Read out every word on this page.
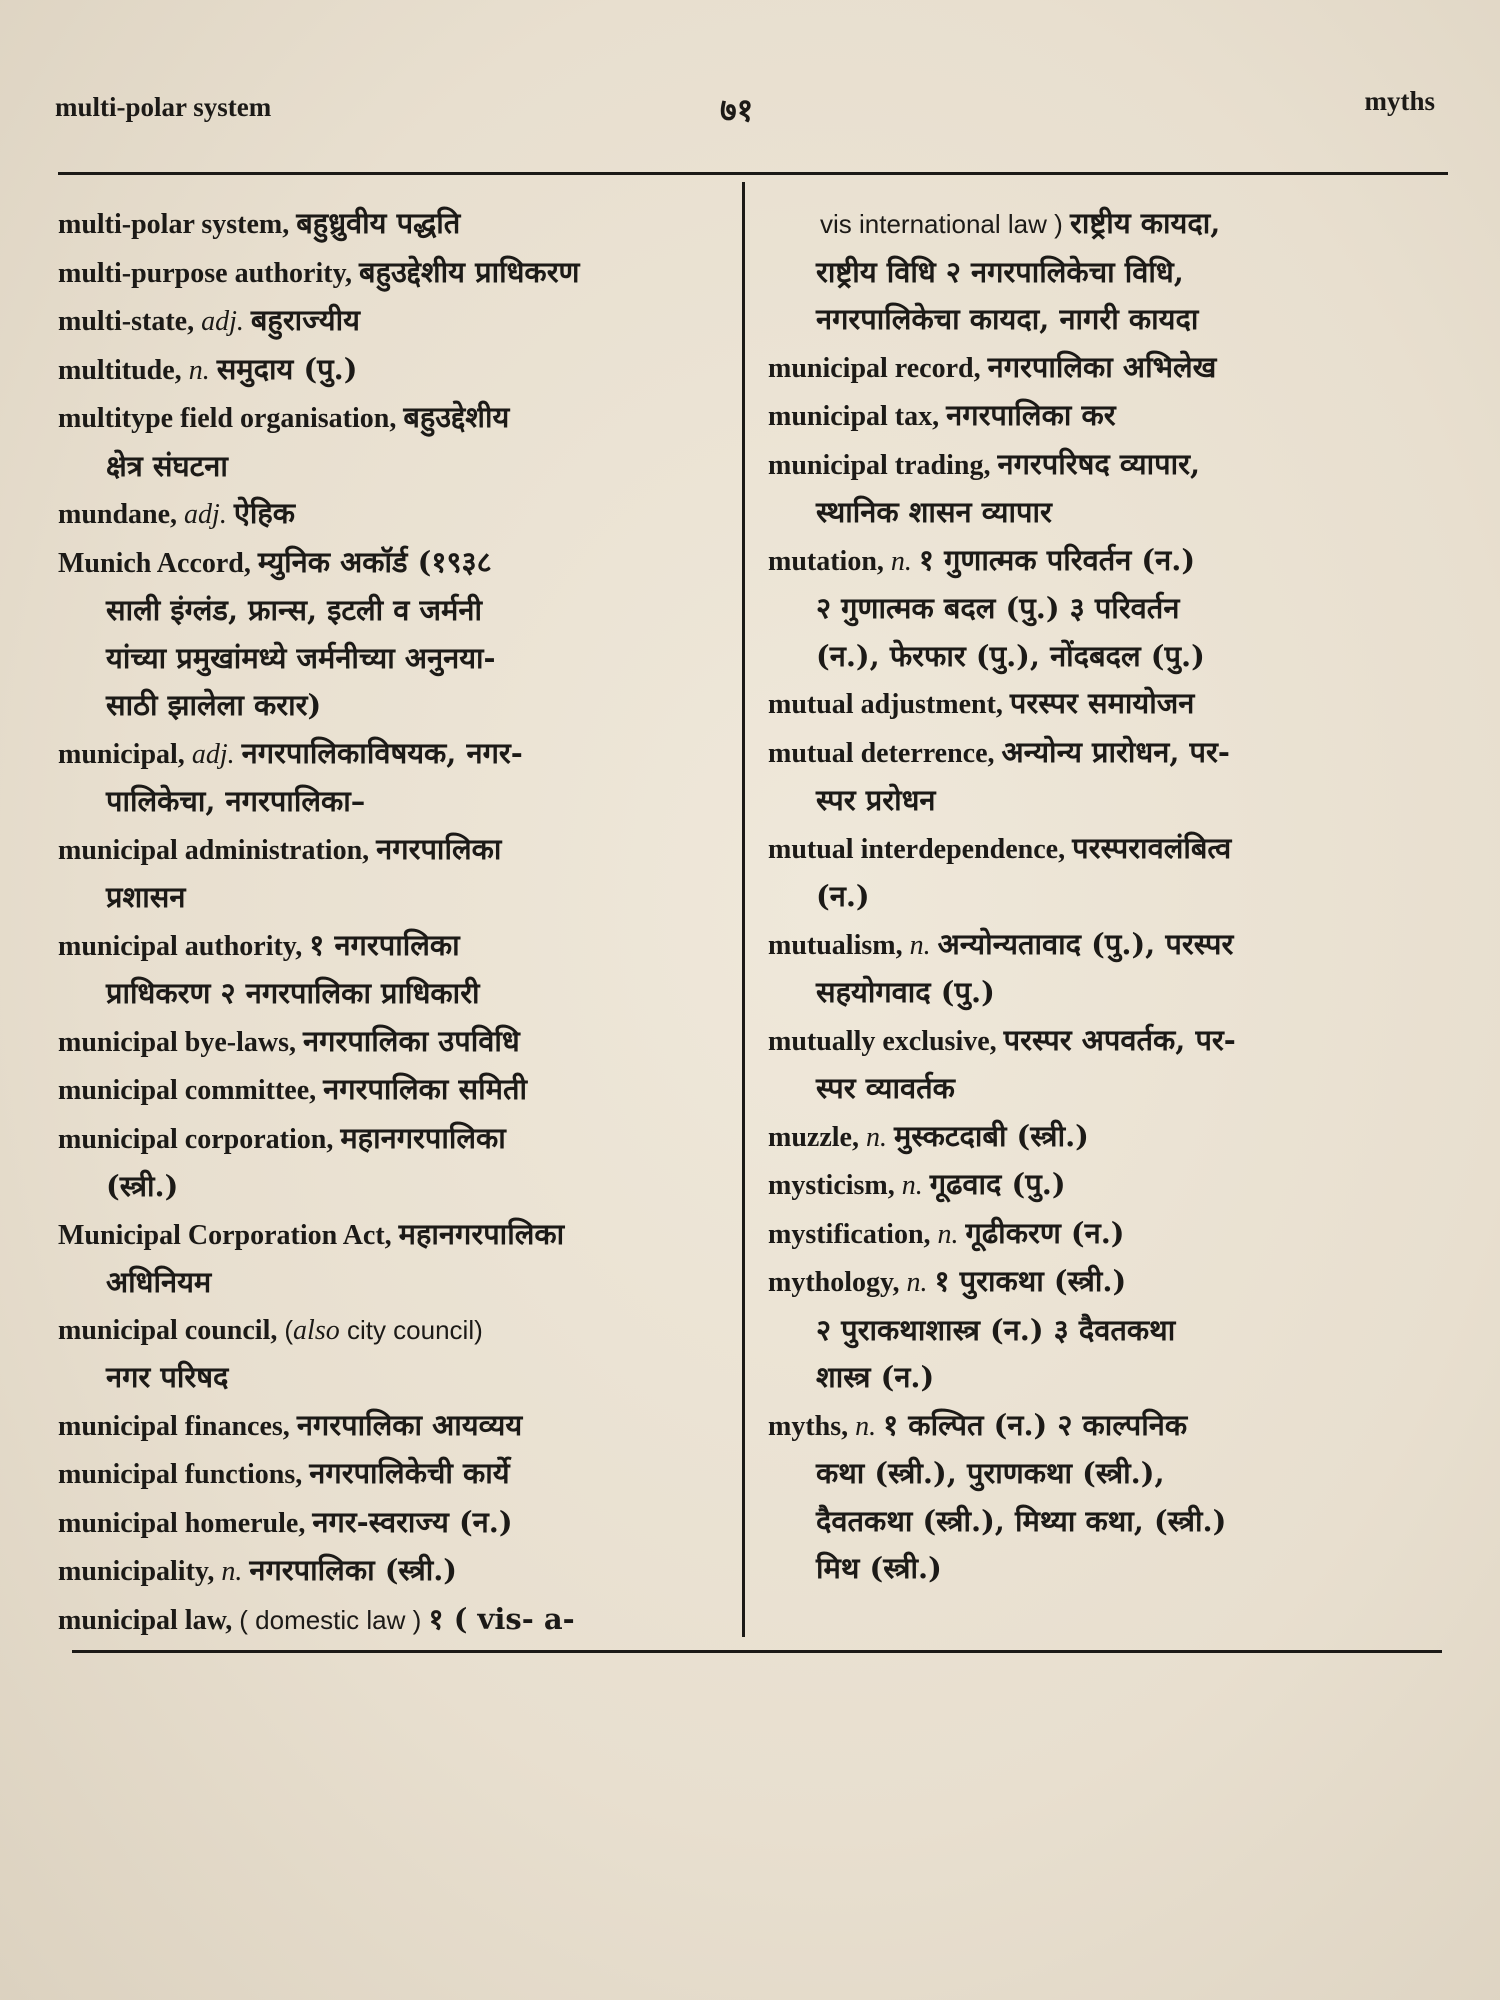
multi-polar system	७१	myths
multi-polar system, बहुध्रुवीय पद्धति
multi-purpose authority, बहुउद्देशीय प्राधिकरण
multi-state, adj. बहुराज्यीय
multitude, n. समुदाय (पु.)
multitype field organisation, बहुउद्देशीय
क्षेत्र संघटना
mundane, adj. ऐहिक
Munich Accord, म्युनिक अकॉर्ड (१९३८
साली इंग्लंड, फ्रान्स, इटली व जर्मनी
यांच्या प्रमुखांमध्ये जर्मनीच्या अनुनया-
साठी झालेला करार)
municipal, adj. नगरपालिकाविषयक, नगर-
पालिकेचा, नगरपालिका–
municipal administration, नगरपालिका
प्रशासन
municipal authority, १ नगरपालिका
प्राधिकरण २ नगरपालिका प्राधिकारी
municipal bye-laws, नगरपालिका उपविधि
municipal committee, नगरपालिका समिती
municipal corporation, महानगरपालिका
(स्त्री.)
Municipal Corporation Act, महानगरपालिका
अधिनियम
municipal council, (also city council)
नगर परिषद
municipal finances, नगरपालिका आयव्यय
municipal functions, नगरपालिकेची कार्ये
municipal homerule, नगर-स्वराज्य (न.)
municipality, n. नगरपालिका (स्त्री.)
municipal law, ( domestic law ) १ ( vis- a-
vis international law ) राष्ट्रीय कायदा,
राष्ट्रीय विधि २ नगरपालिकेचा विधि,
नगरपालिकेचा कायदा, नागरी कायदा
municipal record, नगरपालिका अभिलेख
municipal tax, नगरपालिका कर
municipal trading, नगरपरिषद व्यापार,
स्थानिक शासन व्यापार
mutation, n. १ गुणात्मक परिवर्तन (न.)
२ गुणात्मक बदल (पु.) ३ परिवर्तन
(न.), फेरफार (पु.), नोंदबदल (पु.)
mutual adjustment, परस्पर समायोजन
mutual deterrence, अन्योन्य प्रारोधन, पर-
स्पर प्ररोधन
mutual interdependence, परस्परावलंबित्व
(न.)
mutualism, n. अन्योन्यतावाद (पु.), परस्पर
सहयोगवाद (पु.)
mutually exclusive, परस्पर अपवर्तक, पर-
स्पर व्यावर्तक
muzzle, n. मुस्कटदाबी (स्त्री.)
mysticism, n. गूढवाद (पु.)
mystification, n. गूढीकरण (न.)
mythology, n. १ पुराकथा (स्त्री.)
२ पुराकथाशास्त्र (न.) ३ दैवतकथा
शास्त्र (न.)
myths, n. १ कल्पित (न.) २ काल्पनिक
कथा (स्त्री.), पुराणकथा (स्त्री.),
दैवतकथा (स्त्री.), मिथ्या कथा, (स्त्री.)
मिथ (स्त्री.)
